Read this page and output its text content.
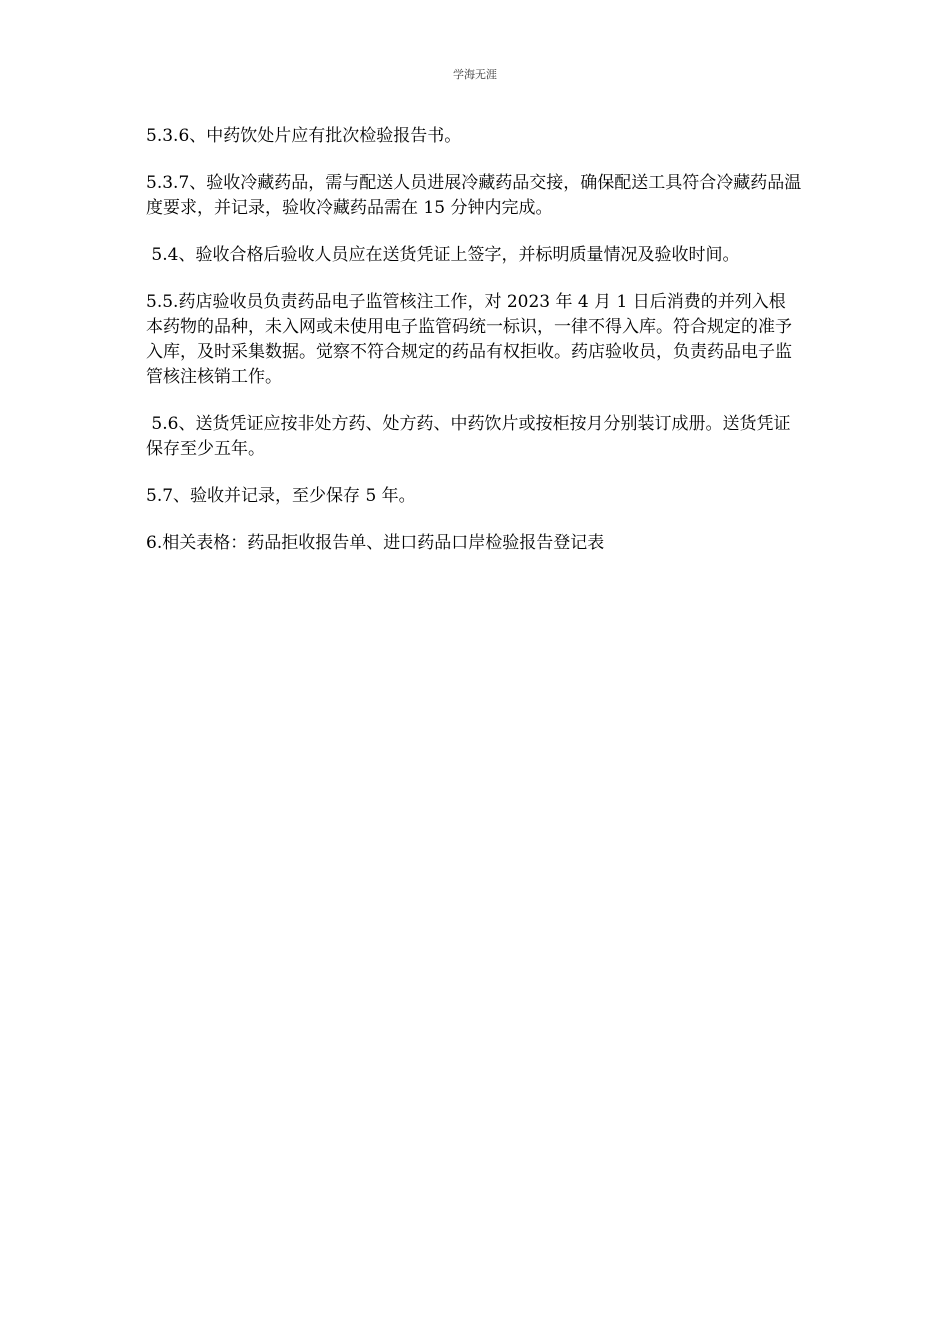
学海无涯

5.3.6、中药饮处片应有批次检验报告书。

5.3.7、验收冷藏药品，需与配送人员进展冷藏药品交接，确保配送工具符合冷藏药品温度要求，并记录，验收冷藏药品需在 15 分钟内完成。

5.4、验收合格后验收人员应在送货凭证上签字，并标明质量情况及验收时间。

5.5.药店验收员负责药品电子监管核注工作，对 2023 年 4 月 1 日后消费的并列入根本药物的品种，未入网或未使用电子监管码统一标识，一律不得入库。符合规定的准予入库，及时采集数据。觉察不符合规定的药品有权拒收。药店验收员，负责药品电子监管核注核销工作。

5.6、送货凭证应按非处方药、处方药、中药饮片或按柜按月分别装订成册。送货凭证保存至少五年。

5.7、验收并记录，至少保存 5 年。

6.相关表格：药品拒收报告单、进口药品口岸检验报告登记表
